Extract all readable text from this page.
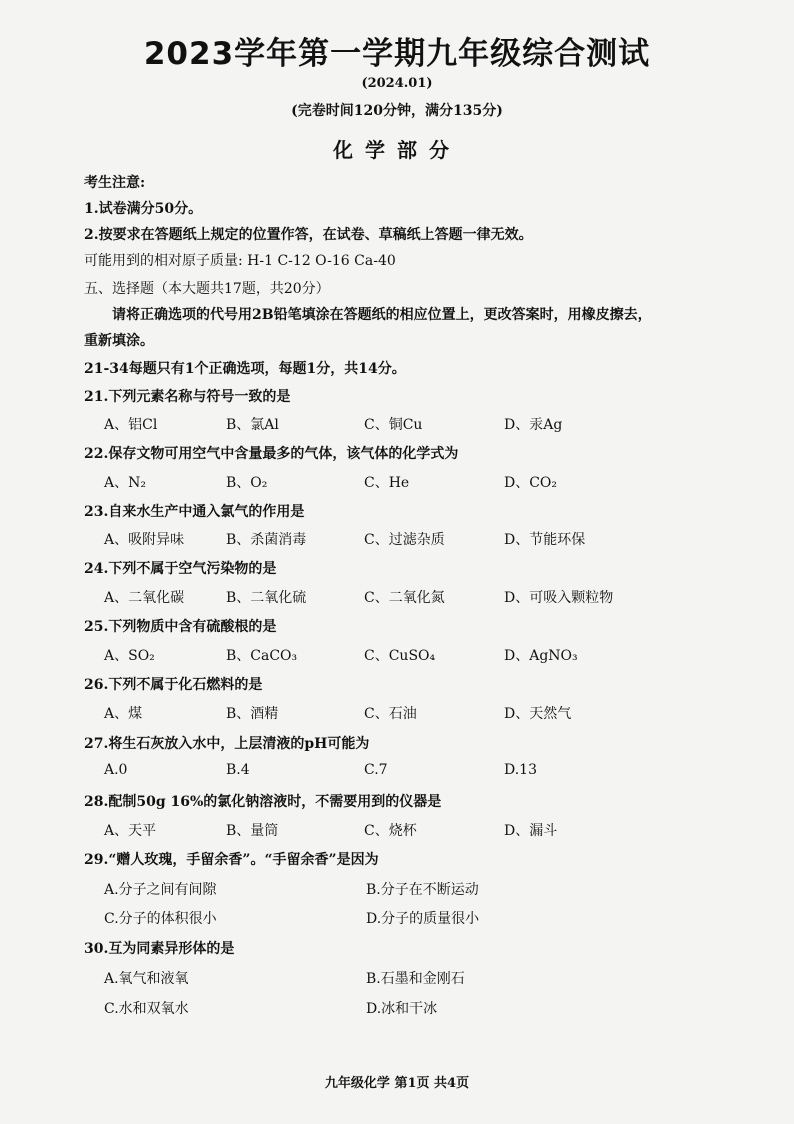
2023学年第一学期九年级综合测试
(2024.01)
(完卷时间120分钟，满分135分)
化学部分
考生注意:
1.试卷满分50分。
2.按要求在答题纸上规定的位置作答，在试卷、草稿纸上答题一律无效。
可能用到的相对原子质量: H-1 C-12 O-16 Ca-40
五、选择题（本大题共17题，共20分）
请将正确选项的代号用2B铅笔填涂在答题纸的相应位置上，更改答案时，用橡皮擦去，
重新填涂。
21-34每题只有1个正确选项，每题1分，共14分。
21.下列元素名称与符号一致的是
A、铝Cl	B、氯Al	C、铜Cu	D、汞Ag
22.保存文物可用空气中含量最多的气体，该气体的化学式为
A、N₂	B、O₂	C、He	D、CO₂
23.自来水生产中通入氯气的作用是
A、吸附异味	B、杀菌消毒	C、过滤杂质	D、节能环保
24.下列不属于空气污染物的是
A、二氧化碳	B、二氧化硫	C、二氧化氮	D、可吸入颗粒物
25.下列物质中含有硫酸根的是
A、SO₂	B、CaCO₃	C、CuSO₄	D、AgNO₃
26.下列不属于化石燃料的是
A、煤	B、酒精	C、石油	D、天然气
27.将生石灰放入水中，上层清液的pH可能为
A.0	B.4	C.7	D.13
28.配制50g 16%的氯化钠溶液时，不需要用到的仪器是
A、天平	B、量筒	C、烧杯	D、漏斗
29.“赠人玫瑰，手留余香”。“手留余香”是因为
A.分子之间有间隙	B.分子在不断运动
C.分子的体积很小	D.分子的质量很小
30.互为同素异形体的是
A.氧气和液氧	B.石墨和金刚石
C.水和双氧水	D.冰和干冰
九年级化学 第1页 共4页
